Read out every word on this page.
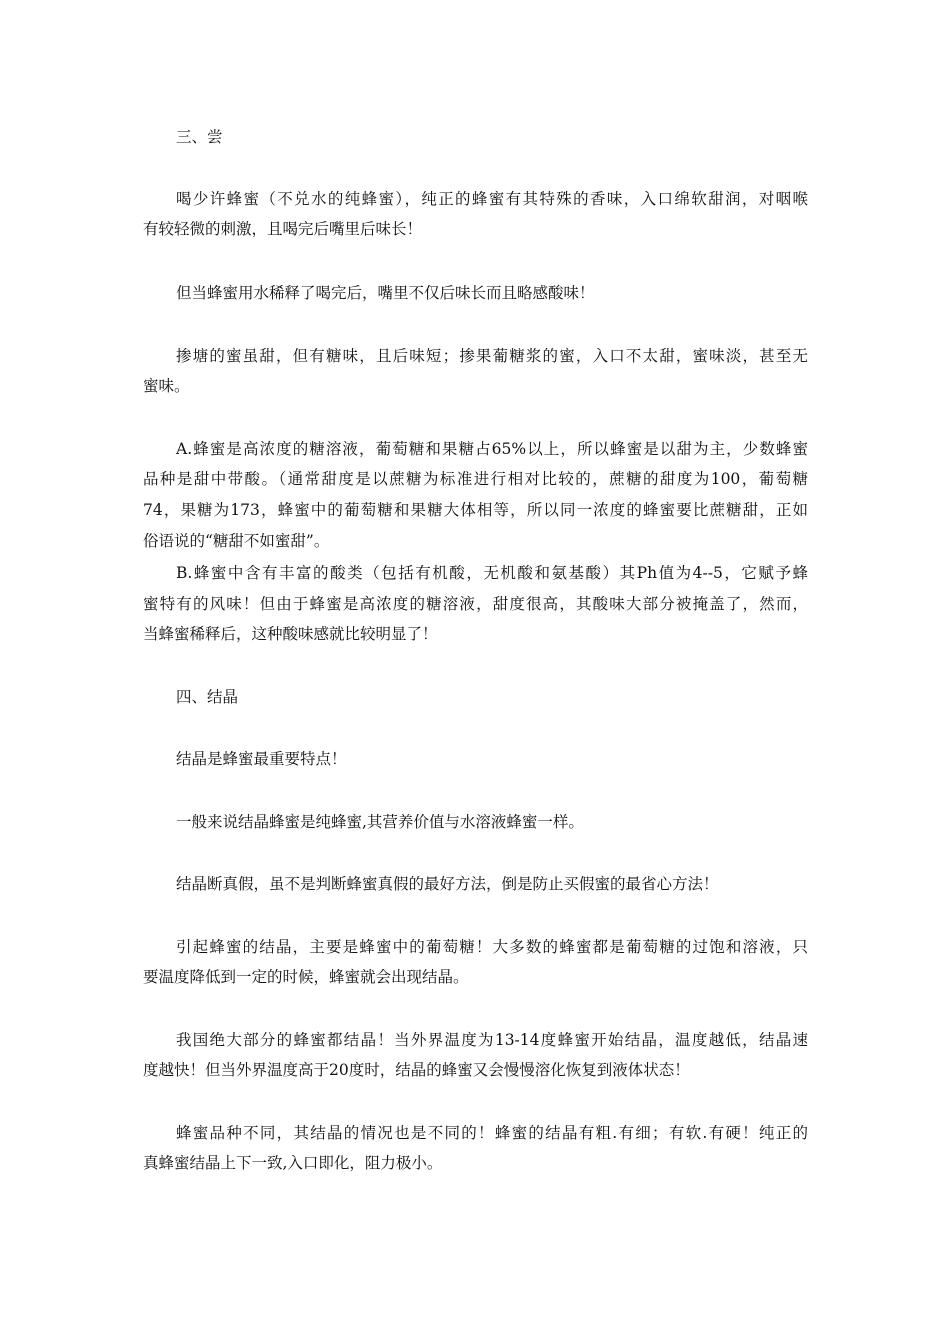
三、尝
喝少许蜂蜜（不兑水的纯蜂蜜），纯正的蜂蜜有其特殊的香味，入口绵软甜润，对咽喉
有较轻微的刺激，且喝完后嘴里后味长！
但当蜂蜜用水稀释了喝完后，嘴里不仅后味长而且略感酸味！
掺塘的蜜虽甜，但有糖味，且后味短；掺果葡糖浆的蜜，入口不太甜，蜜味淡，甚至无
蜜味。
A.蜂蜜是高浓度的糖溶液，葡萄糖和果糖占65%以上，所以蜂蜜是以甜为主，少数蜂蜜
品种是甜中带酸。（通常甜度是以蔗糖为标准进行相对比较的，蔗糖的甜度为100，葡萄糖
74，果糖为173，蜂蜜中的葡萄糖和果糖大体相等，所以同一浓度的蜂蜜要比蔗糖甜，正如
俗语说的“糖甜不如蜜甜”。
B.蜂蜜中含有丰富的酸类（包括有机酸，无机酸和氨基酸）其Ph值为4--5，它赋予蜂
蜜特有的风味！但由于蜂蜜是高浓度的糖溶液，甜度很高，其酸味大部分被掩盖了，然而，
当蜂蜜稀释后，这种酸味感就比较明显了！
四、结晶
结晶是蜂蜜最重要特点！
一般来说结晶蜂蜜是纯蜂蜜,其营养价值与水溶液蜂蜜一样。
结晶断真假，虽不是判断蜂蜜真假的最好方法，倒是防止买假蜜的最省心方法！
引起蜂蜜的结晶，主要是蜂蜜中的葡萄糖！大多数的蜂蜜都是葡萄糖的过饱和溶液，只
要温度降低到一定的时候，蜂蜜就会出现结晶。
我国绝大部分的蜂蜜都结晶！当外界温度为13-14度蜂蜜开始结晶，温度越低，结晶速
度越快！但当外界温度高于20度时，结晶的蜂蜜又会慢慢溶化恢复到液体状态！
蜂蜜品种不同，其结晶的情况也是不同的！蜂蜜的结晶有粗.有细；有软.有硬！纯正的
真蜂蜜结晶上下一致,入口即化，阻力极小。
